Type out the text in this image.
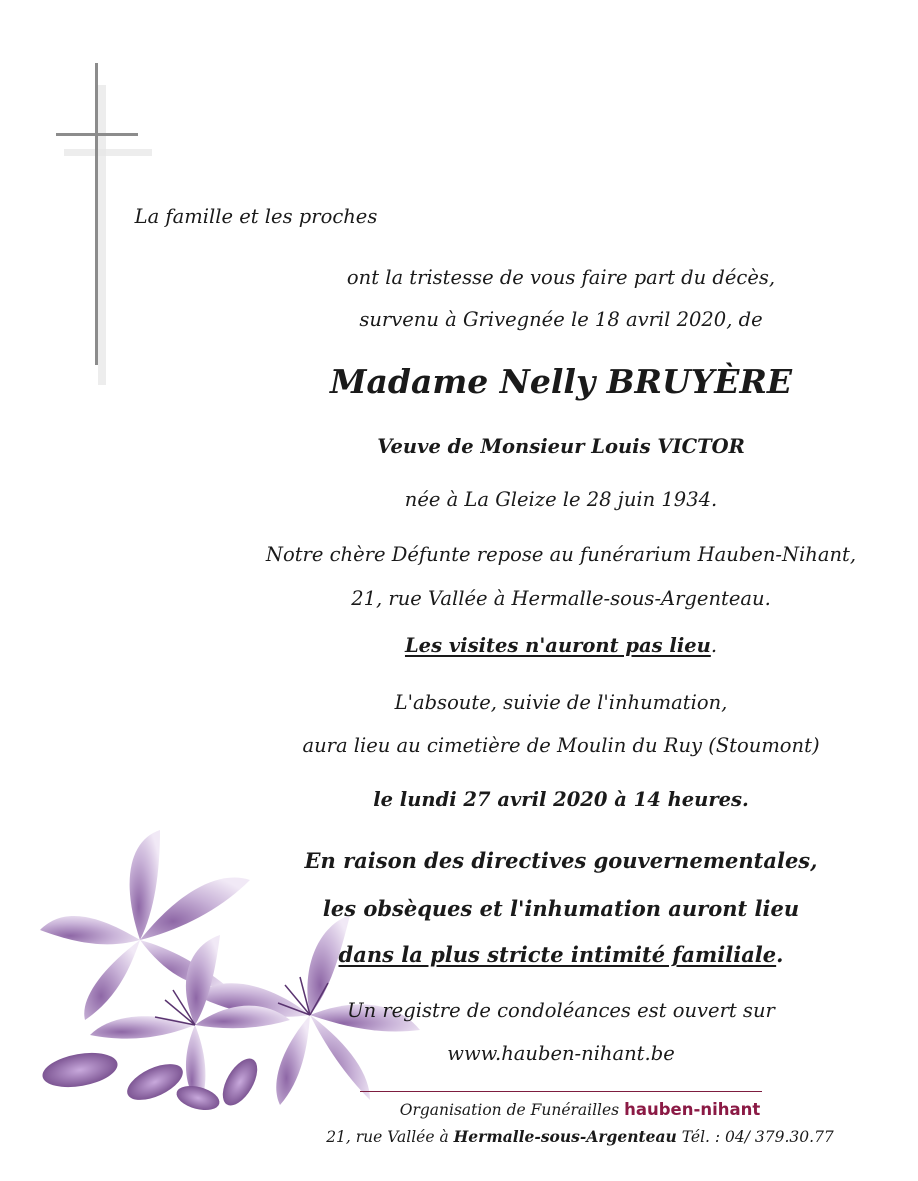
La famille et les proches
ont la tristesse de vous faire part du décès,
survenu à Grivegnée le 18 avril 2020, de
Madame Nelly BRUYÈRE
Veuve de Monsieur Louis VICTOR
née à La Gleize le 28 juin 1934.
Notre chère Défunte repose au funérarium Hauben-Nihant,
21, rue Vallée à Hermalle-sous-Argenteau.
Les visites n'auront pas lieu.
L'absoute, suivie de l'inhumation,
aura lieu au cimetière de Moulin du Ruy (Stoumont)
le lundi 27 avril 2020 à 14 heures.
En raison des directives gouvernementales,
les obsèques et l'inhumation auront lieu
dans la plus stricte intimité familiale.
Un registre de condoléances est ouvert sur
www.hauben-nihant.be
Organisation de Funérailles hauben-nihant
21, rue Vallée à Hermalle-sous-Argenteau Tél. : 04/ 379.30.77
